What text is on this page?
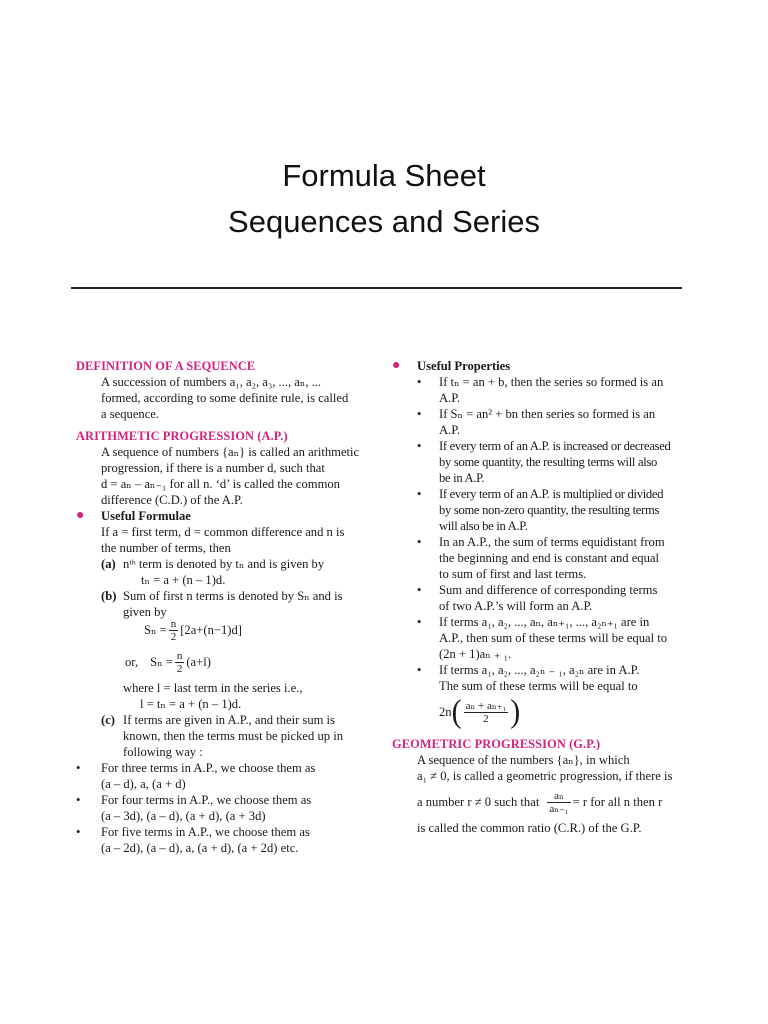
Formula Sheet
Sequences and Series
DEFINITION OF A SEQUENCE
A succession of numbers a₁, a₂, a₃, ..., aₙ, ...
formed, according to some definite rule, is called
a sequence.
ARITHMETIC PROGRESSION (A.P.)
A sequence of numbers {aₙ} is called an arithmetic
progression, if there is a number d, such that
d = aₙ – aₙ₋₁ for all n. ‘d’ is called the common
difference (C.D.) of the A.P.
●	Useful Formulae
If a = first term, d = common difference and n is
the number of terms, then
(a) nᵗʰ term is denoted by tₙ and is given by
tₙ = a + (n – 1)d.
(b) Sum of first n terms is denoted by Sₙ and is
given by
$S_n = \frac{n}{2} [2a+(n-1)d]$
or, $S_n = \frac{n}{2} (a+l)$
where l = last term in the series i.e.,
l = tₙ = a + (n – 1)d.
(c) If terms are given in A.P., and their sum is
known, then the terms must be picked up in
following way :
•	For three terms in A.P., we choose them as
(a – d), a, (a + d)
•	For four terms in A.P., we choose them as
(a – 3d), (a – d), (a + d), (a + 3d)
•	For five terms in A.P., we choose them as
(a – 2d), (a – d), a, (a + d), (a + 2d) etc.
●	Useful Properties
•	If tₙ = an + b, then the series so formed is an
A.P.
•	If Sₙ = an² + bn then series so formed is an
A.P.
•	If every term of an A.P. is increased or decreased
by some quantity, the resulting terms will also
be in A.P.
•	If every term of an A.P. is multiplied or divided
by some non-zero quantity, the resulting terms
will also be in A.P.
•	In an A.P., the sum of terms equidistant from
the beginning and end is constant and equal
to sum of first and last terms.
•	Sum and difference of corresponding terms
of two A.P.’s will form an A.P.
•	If terms a₁, a₂, ..., aₙ, aₙ₊₁, ..., a₂ₙ₊₁ are in
A.P., then sum of these terms will be equal to
(2n + 1)aₙ ₊ ₁.
•	If terms a₁, a₂, ..., a₂ₙ ₋ ₁, a₂ₙ are in A.P.
The sum of these terms will be equal to
2n ( $\frac{\text{aₙ + aₙ₊₁}}{2}$ )
GEOMETRIC PROGRESSION (G.P.)
A sequence of the numbers {aₙ}, in which
a₁ ≠ 0, is called a geometric progression, if there is
a number r ≠ 0 such that $\frac{\text{aₙ}}{\text{aₙ₋₁}} = r$ for all n then r
is called the common ratio (C.R.) of the G.P.
